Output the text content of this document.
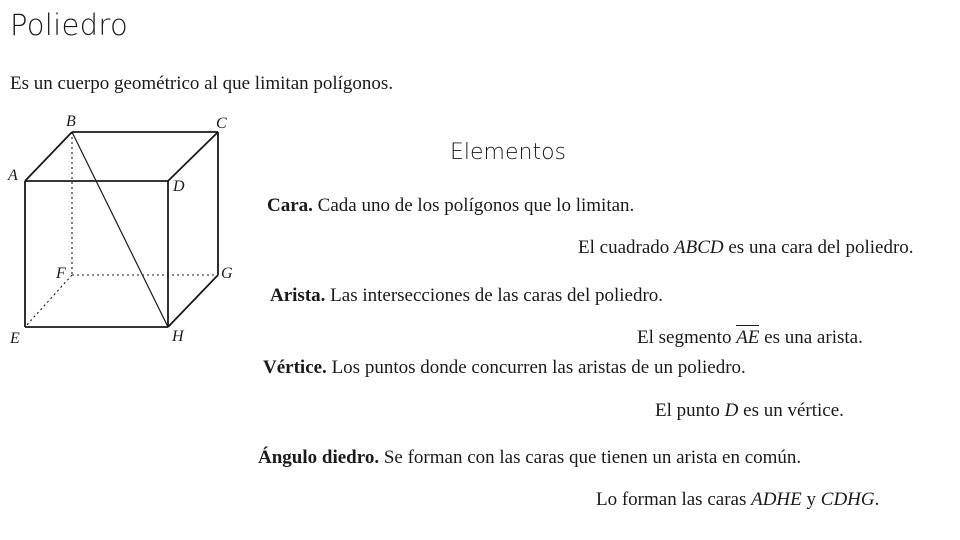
Poliedro
Es un cuerpo geométrico al que limitan polígonos.
A
B	C
D
E
F	G
H
Elementos
Cara. Cada uno de los polígonos que lo limitan.
El cuadrado ABCD es una cara del poliedro.
Arista. Las intersecciones de las caras del poliedro.
El segmento AE es una arista.
Vértice. Los puntos donde concurren las aristas de un poliedro.
El punto D es un vértice.
Ángulo diedro. Se forman con las caras que tienen un arista en común.
Lo forman las caras ADHE y CDHG.
